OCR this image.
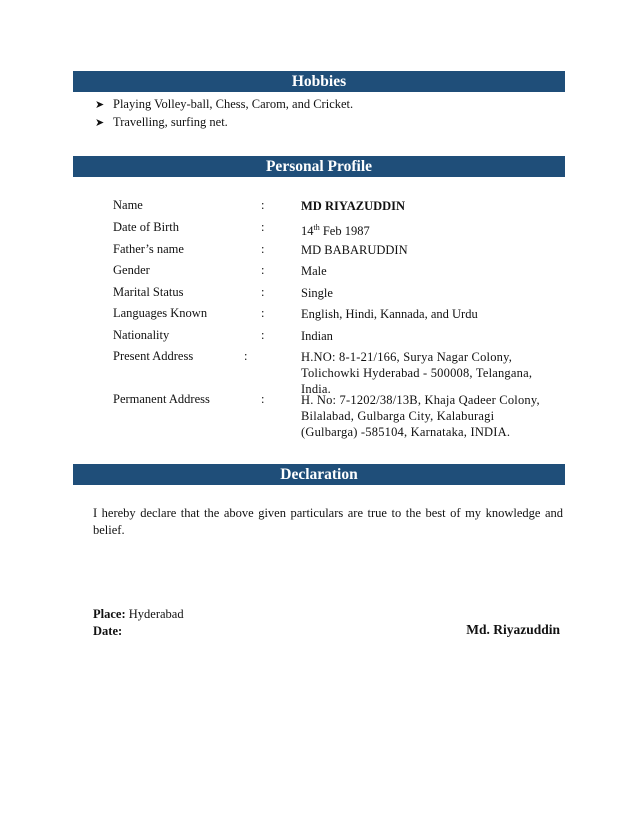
Hobbies
➤ Playing Volley-ball, Chess, Carom, and Cricket.
➤ Travelling, surfing net.
Personal Profile
Name	:	MD RIYAZUDDIN
Date of Birth	:	14th Feb 1987
Father’s name	:	MD BABARUDDIN
Gender	:	Male
Marital Status	:	Single
Languages Known	:	English, Hindi, Kannada, and Urdu
Nationality	:	Indian
Present Address	:	H.NO: 8-1-21/166, Surya Nagar Colony, Tolichowki Hyderabad - 500008, Telangana, India.
Permanent Address	:	H. No: 7-1202/38/13B, Khaja Qadeer Colony, Bilalabad, Gulbarga City, Kalaburagi (Gulbarga) -585104, Karnataka, INDIA.
Declaration
I hereby declare that the above given particulars are true to the best of my knowledge and belief.
Place: Hyderabad
Date:	Md. Riyazuddin
